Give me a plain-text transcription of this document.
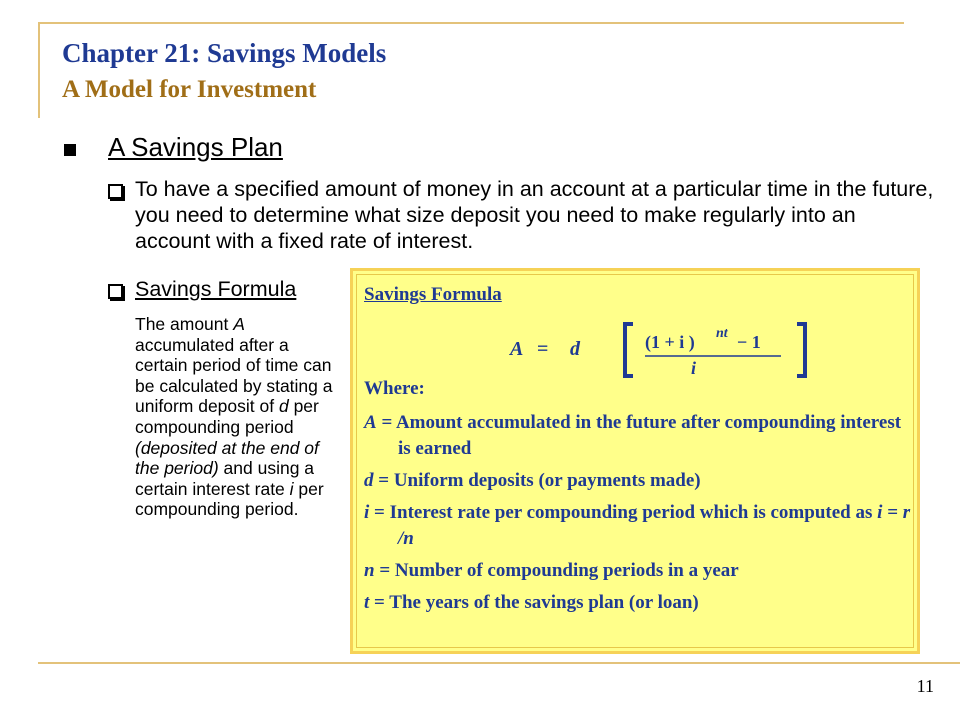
Chapter 21: Savings Models
A Model for Investment
A Savings Plan
To have a specified amount of money in an account at a particular time in the future, you need to determine what size deposit you need to make regularly into an account with a fixed rate of interest.
Savings Formula
The amount A accumulated after a certain period of time can be calculated by stating a uniform deposit of d per compounding period (deposited at the end of the period) and using a certain interest rate i per compounding period.
Savings Formula
A = d	(1 + i ) nt − 1
i
Where:
A = Amount accumulated in the future after compounding interest is earned
d = Uniform deposits (or payments made)
i = Interest rate per compounding period which is computed as i = r /n
n = Number of compounding periods in a year
t = The years of the savings plan (or loan)
11
